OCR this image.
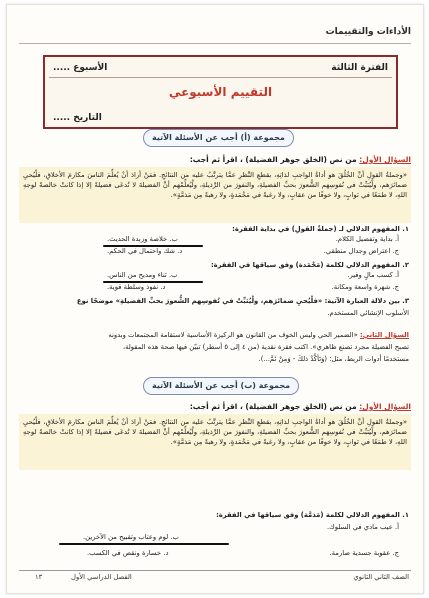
الأداءات والتقييمات
الفترة الثالثة
الأسبوع .....
التقييم الأسبوعي
التاريخ .....
مجموعة (أ) أجب عن الأسئلة الآتية
السؤال الأول: من نص (الخلق جوهر الفضيلة) ، اقرأ ثم أجب:
«وجملةُ القولِ أنَّ الخُلُقَ هو أداةُ الواجبِ لذاتِهِ، بقطعِ النَّظرِ عمَّا يترتَّبُ عليه من النتائجِ. فمَنْ أرادَ أنْ يُعلِّمَ الناسَ مكارمَ الأخلاقِ، فلْيُحيِ ضمائرَهم، ولْيُثبِّتْ في نُفوسِهم الشُّعورَ بحبِّ الفضيلةِ، والنفورَ من الرَّذيلةِ، ولْيُعلِّمْهم أنَّ الفضيلةَ لا تُدعَى فضيلةً إلا إذا كانتْ خالصةً لوجهِ اللهِ، لا طمَعًا في ثوابٍ، ولا خوفًا من عقابٍ، ولا رغبةً في مَحْمَدةٍ، ولا رهبةً مِن مَذمَّةٍ».
١. المفهوم الدلالي لـ (جملةُ القولِ) في بداية الفقرة:
أ. بداية وتفصيل الكلام.
ب. خلاصة وزبدة الحديث.
ج. اعتراض وجدال منطقي.
د. شك واحتمال في الحكم.
٢. المفهوم الدلالي لكلمة (مَحْمَدة) وفق سياقها في الفقرة:
أ. كسب مالٍ وفير.
ب. ثناء ومديح من الناس.
ج. شهرة واسعة ومكانة.
د. نفوذ وسلطة قوية.
٣. بين دلالة العبارة الآتية: «فلْيُحيِ ضمائرَهم، ولْيُثبِّتْ في نُفوسِهم الشُّعورَ بحبِّ الفضيلةِ» موضحًا نوع
الأسلوب الإنشائي المستخدم.
السؤال الثاني: «الضمير الحي وليس الخوف من القانون هو الركيزة الأساسية لاستقامة المجتمعات وبدونه
تصبح الفضيلة مجرد تصنع ظاهري». اكتب فقرة نقدية (من ٤ إلى ٥ أسطر) تبيّن فيها صحة هذه المقولة،
مستخدمًا أدوات الربط، مثل: (وَتَأكَّدْ ذلكَ - وَمِنْ ثَمَّ...).
مجموعة (ب) أجب عن الأسئلة الآتية
السؤال الأول: من نص (الخلق جوهر الفضيلة) ، اقرأ ثم أجب:
«وجملةُ القولِ أنَّ الخُلُقَ هو أداةُ الواجبِ لذاتِهِ، بقطعِ النَّظرِ عمَّا يترتَّبُ عليه من النتائجِ. فمَنْ أرادَ أنْ يُعلِّمَ الناسَ مكارمَ الأخلاقِ، فلْيُحيِ ضمائرَهم، ولْيُثبِّتْ في نُفوسِهم الشُّعورَ بحبِّ الفضيلةِ، والنفورَ من الرَّذيلةِ، ولْيُعلِّمْهم أنَّ الفضيلةَ لا تُدعَى فضيلةً إلا إذا كانتْ خالصةً لوجهِ اللهِ، لا طمَعًا في ثوابٍ، ولا خوفًا من عقابٍ، ولا رغبةً في مَحْمَدةٍ، ولا رهبةً مِن مَذمَّةٍ».
١. المفهوم الدلالي لكلمة (مَذمَّة) وفق سياقها في الفقرة:
أ. عيب مادي في السلوك.
ب. لوم وعتاب وتقبيح من الآخرين.
ج. عقوبة جسدية صارمة.
د. خسارة ونقص في الكسب.
الصف الثاني الثانوي
الفصل الدراسي الأول
١٣
